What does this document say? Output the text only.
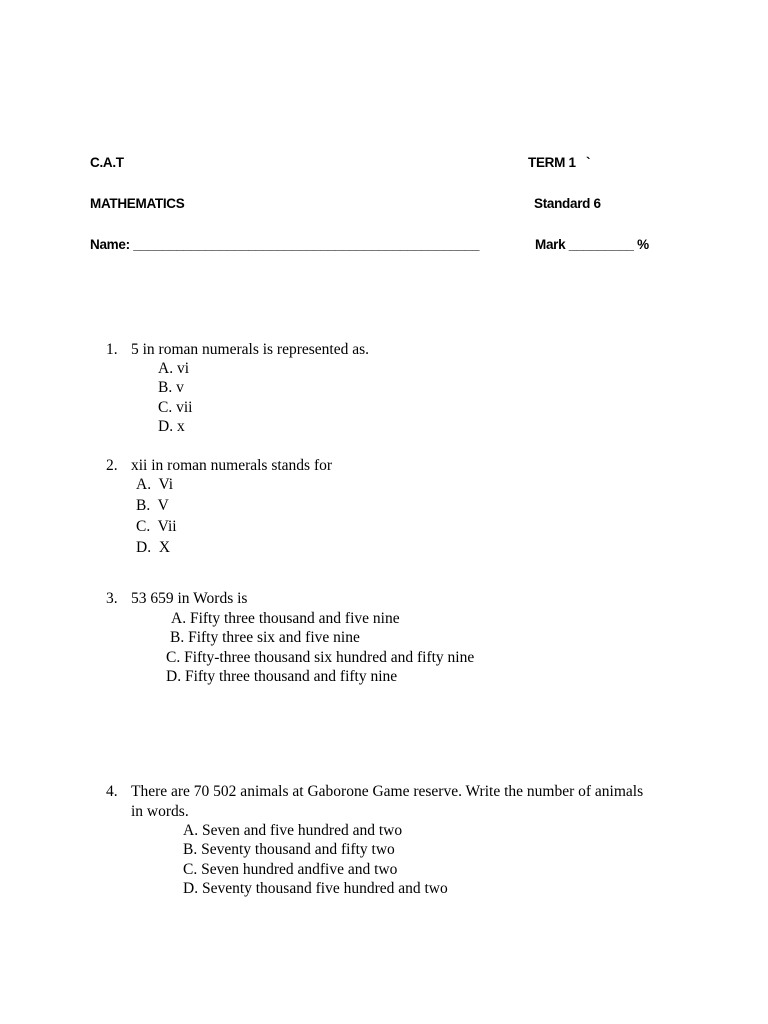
C.A.T	TERM 1   `
MATHEMATICS	Standard 6
Name: ________________________________________________	Mark _________ %
1. 5 in roman numerals is represented as.
A. vi
B. v
C. vii
D. x
2. xii in roman numerals stands for
A.  Vi
B.  V
C.  Vii
D.  X
3. 53 659 in Words is
A. Fifty three thousand and five nine
B. Fifty three six and five nine
C. Fifty-three thousand six hundred and fifty nine
D. Fifty three thousand and fifty nine
4. There are 70 502 animals at Gaborone Game reserve. Write the number of animals
in words.
A. Seven and five hundred and two
B. Seventy thousand and fifty two
C. Seven hundred andfive and two
D. Seventy thousand five hundred and two
